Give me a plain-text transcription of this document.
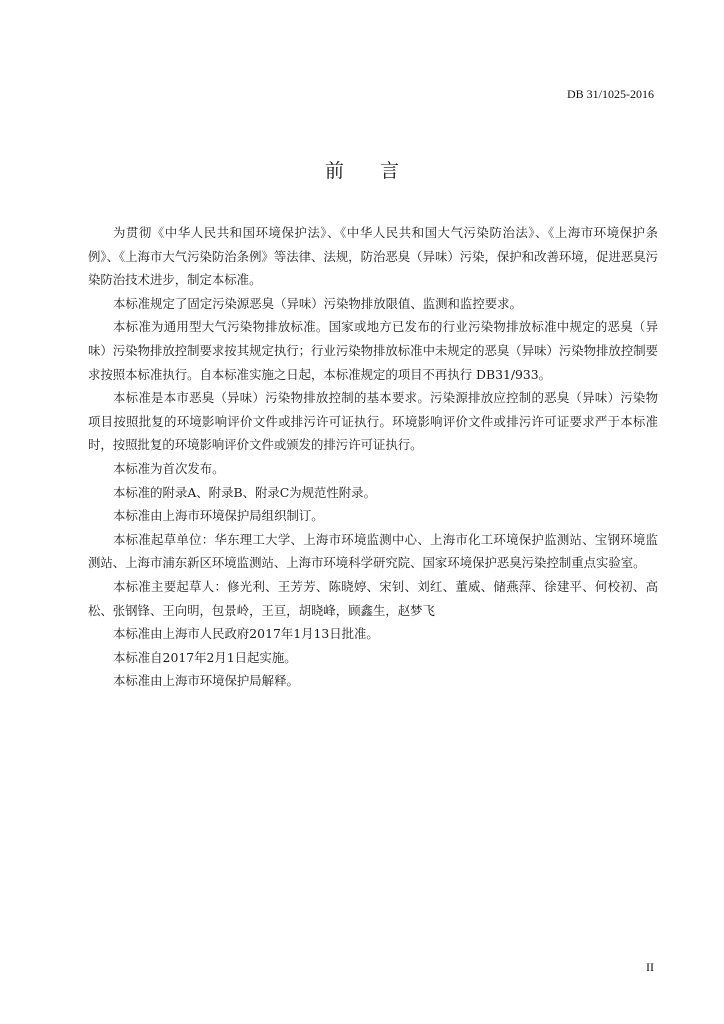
DB 31/1025-2016
前言

为贯彻《中华人民共和国环境保护法》、《中华人民共和国大气污染防治法》、《上海市环境保护条例》、《上海市大气污染防治条例》等法律、法规，防治恶臭（异味）污染，保护和改善环境，促进恶臭污染防治技术进步，制定本标准。

本标准规定了固定污染源恶臭（异味）污染物排放限值、监测和监控要求。

本标准为通用型大气污染物排放标准。国家或地方已发布的行业污染物排放标准中规定的恶臭（异味）污染物排放控制要求按其规定执行；行业污染物排放标准中未规定的恶臭（异味）污染物排放控制要求按照本标准执行。自本标准实施之日起，本标准规定的项目不再执行 DB31/933。

本标准是本市恶臭（异味）污染物排放控制的基本要求。污染源排放应控制的恶臭（异味）污染物项目按照批复的环境影响评价文件或排污许可证执行。环境影响评价文件或排污许可证要求严于本标准时，按照批复的环境影响评价文件或颁发的排污许可证执行。

本标准为首次发布。

本标准的附录A、附录B、附录C为规范性附录。

本标准由上海市环境保护局组织制订。

本标准起草单位：华东理工大学、上海市环境监测中心、上海市化工环境保护监测站、宝钢环境监测站、上海市浦东新区环境监测站、上海市环境科学研究院、国家环境保护恶臭污染控制重点实验室。

本标准主要起草人：修光利、王芳芳、陈晓婷、宋钊、刘红、董威、储燕萍、徐建平、何校初、高松、张钢锋、王向明，包景岭，王亘，胡晓峰，顾鑫生，赵梦飞

本标准由上海市人民政府2017年1月13日批准。

本标准自2017年2月1日起实施。

本标准由上海市环境保护局解释。

II
